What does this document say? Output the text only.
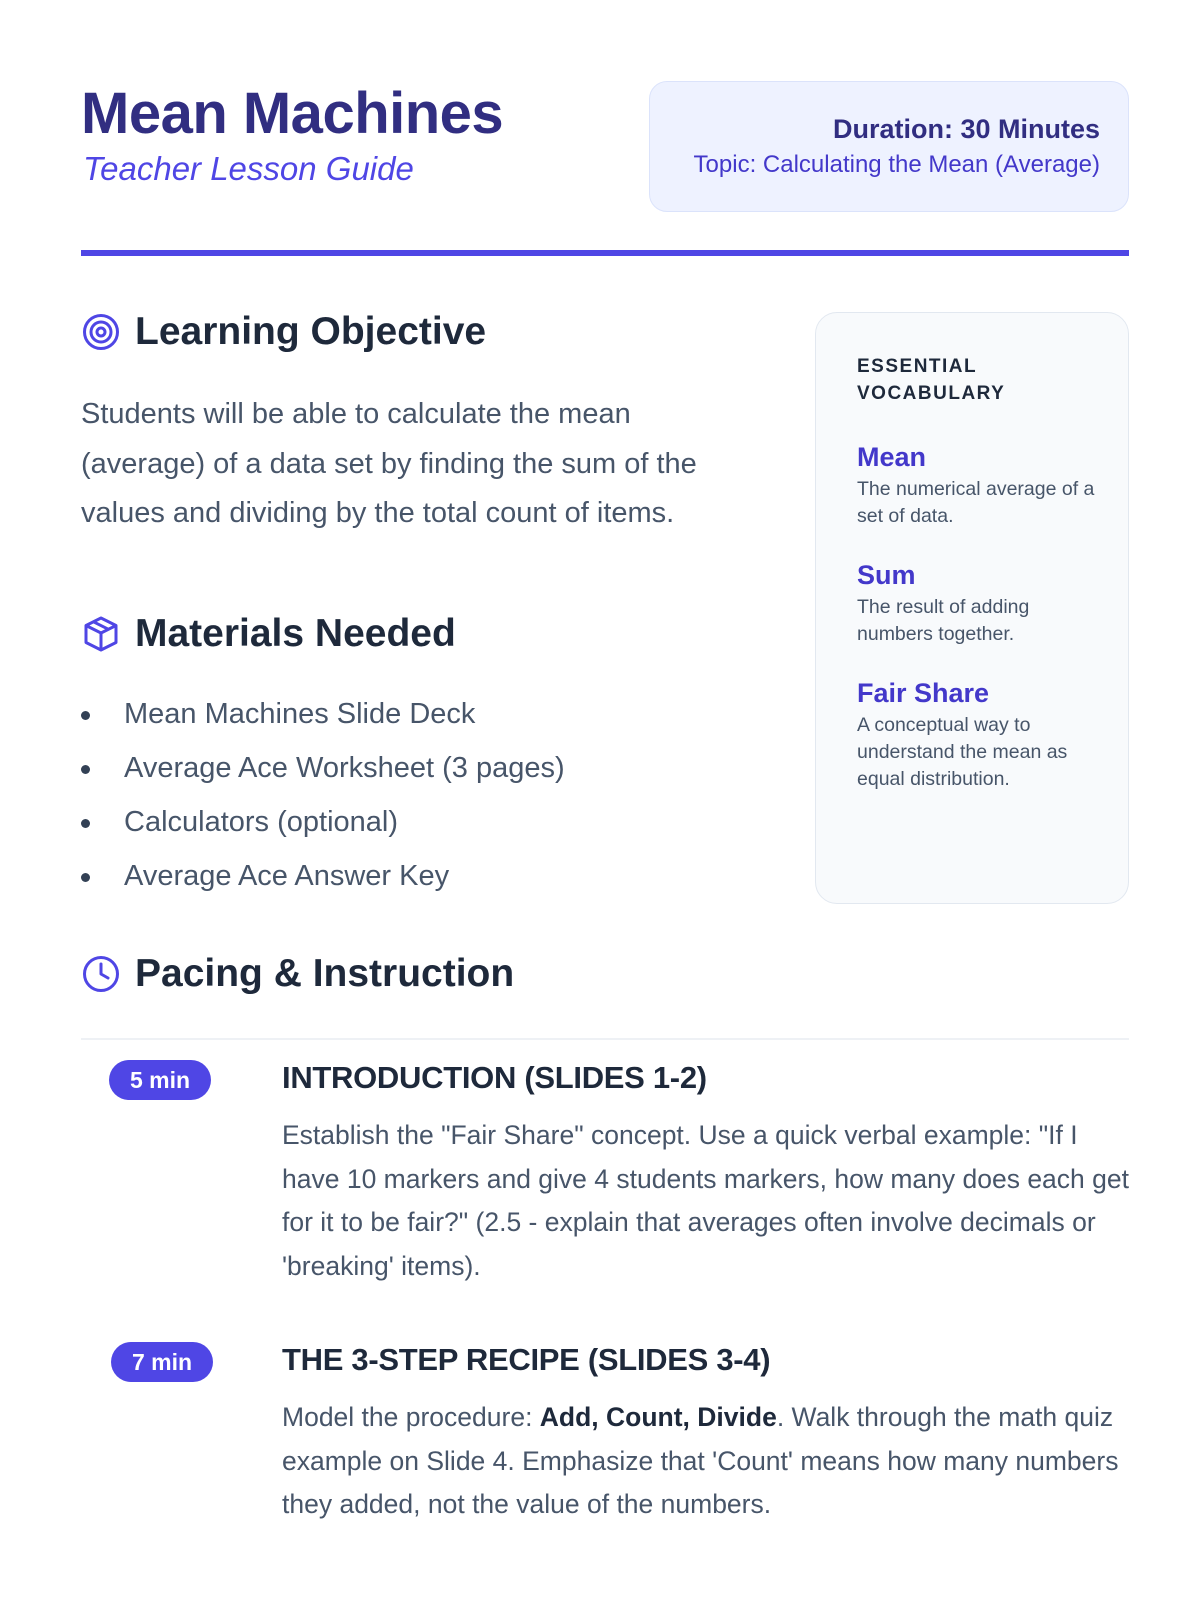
Mean Machines
Teacher Lesson Guide
Duration: 30 Minutes
Topic: Calculating the Mean (Average)
Learning Objective

Students will be able to calculate the mean (average) of a data set by finding the sum of the values and dividing by the total count of items.

Materials Needed
Mean Machines Slide Deck
Average Ace Worksheet (3 pages)
Calculators (optional)
Average Ace Answer Key
ESSENTIAL VOCABULARY
Mean
The numerical average of a set of data.
Sum
The result of adding numbers together.
Fair Share
A conceptual way to understand the mean as equal distribution.
Pacing & Instruction
5 min	INTRODUCTION (SLIDES 1-2)

Establish the "Fair Share" concept. Use a quick verbal example: "If I have 10 markers and give 4 students markers, how many does each get for it to be fair?" (2.5 - explain that averages often involve decimals or 'breaking' items).

7 min	THE 3-STEP RECIPE (SLIDES 3-4)

Model the procedure: Add, Count, Divide. Walk through the math quiz example on Slide 4. Emphasize that 'Count' means how many numbers they added, not the value of the numbers.
